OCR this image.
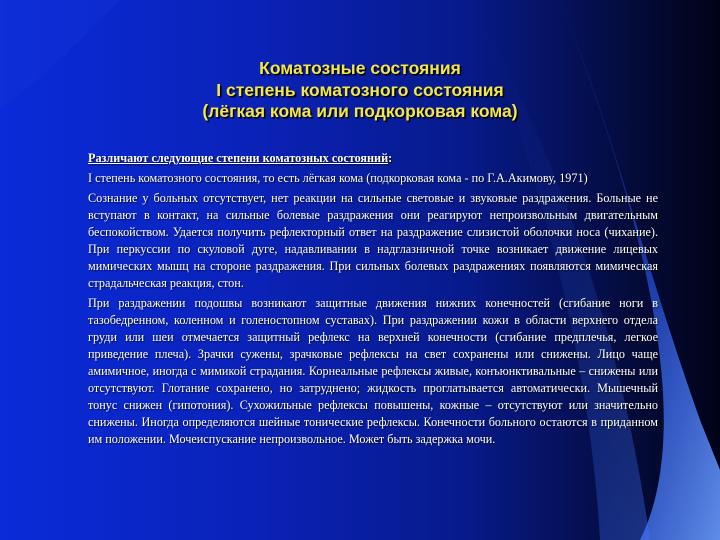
Коматозные состояния
I степень коматозного состояния
(лёгкая кома или подкорковая кома)

Различают следующие степени коматозных состояний:

I степень коматозного состояния, то есть лёгкая кома (подкорковая кома - по Г.А.Акимову, 1971)

Сознание у больных отсутствует, нет реакции на сильные световые и звуковые раздражения. Больные не вступают в контакт, на сильные болевые раздражения они реагируют непроизвольным двигательным беспокойством. Удается получить рефлекторный ответ на раздражение слизистой оболочки носа (чихание). При перкуссии по скуловой дуге, надавливании в надглазничной точке возникает движение лицевых мимических мышц на стороне раздражения. При сильных болевых раздражениях появляются мимическая страдальческая реакция, стон.

При раздражении подошвы возникают защитные движения нижних конечностей (сгибание ноги в тазобедренном, коленном и голеностопном суставах). При раздражении кожи в области верхнего отдела груди или шеи отмечается защитный рефлекс на верхней конечности (сгибание предплечья, легкое приведение плеча). Зрачки сужены, зрачковые рефлексы на свет сохранены или снижены. Лицо чаще амимичное, иногда с мимикой страдания. Корнеальные рефлексы живые, конъюнктивальные – снижены или отсутствуют. Глотание сохранено, но затруднено; жидкость проглатывается автоматически. Мышечный тонус снижен (гипотония). Сухожильные рефлексы повышены, кожные – отсутствуют или значительно снижены. Иногда определяются шейные тонические рефлексы. Конечности больного остаются в приданном им положении. Мочеиспускание непроизвольное. Может быть задержка мочи.
